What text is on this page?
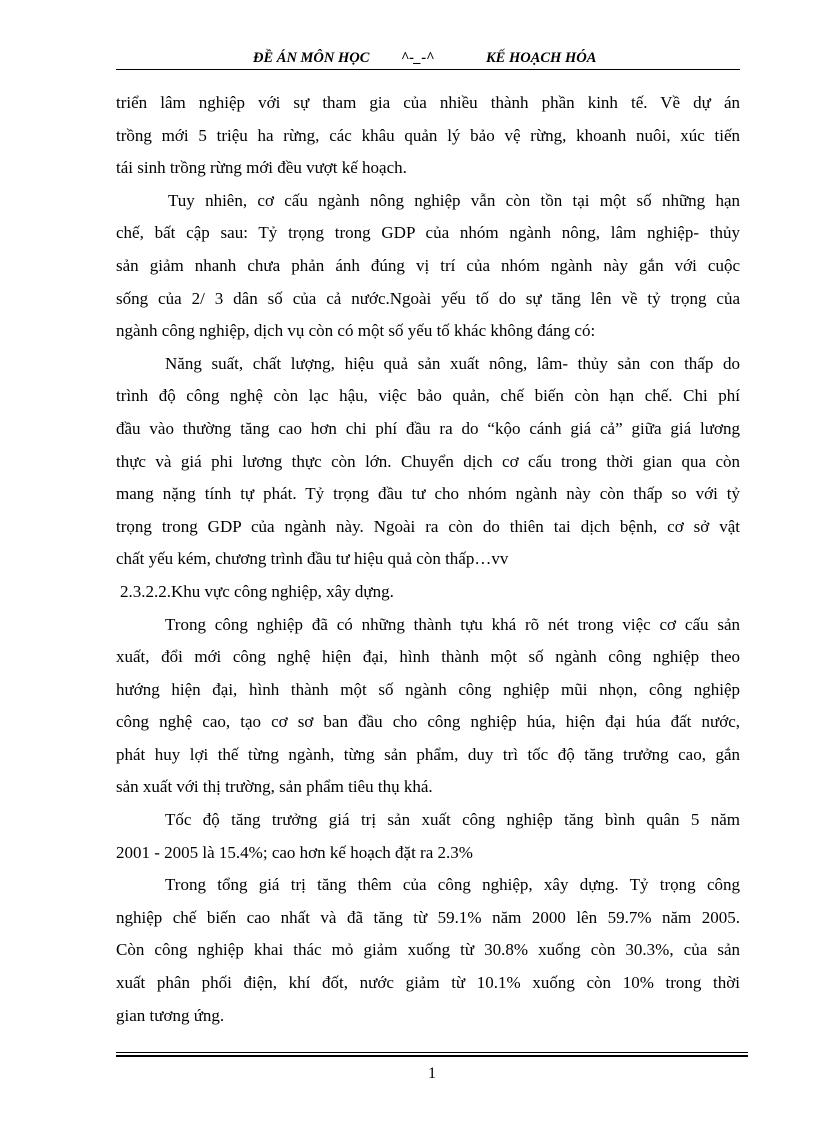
ĐỀ ÁN MÔN HỌC ^-_-^	KẾ HOẠCH HÓA
triển lâm nghiệp với sự tham gia của nhiều thành phần kinh tế. Về dự án
trồng mới 5 triệu ha rừng, các khâu quản lý bảo vệ rừng, khoanh nuôi, xúc tiến
tái sinh trồng rừng mới đều vượt kế hoạch.
Tuy nhiên, cơ cấu ngành nông nghiệp vẫn còn tồn tại một số những hạn
chế, bất cập sau: Tỷ trọng trong GDP của nhóm ngành nông, lâm nghiệp- thủy
sản giảm nhanh chưa phản ánh đúng vị trí của nhóm ngành này gắn với cuộc
sống của 2/ 3 dân số của cả nước.Ngoài yếu tố do sự tăng lên về tỷ trọng của
ngành công nghiệp, dịch vụ còn có một số yếu tố khác không đáng có:
Năng suất, chất lượng, hiệu quả sản xuất nông, lâm- thủy sản con thấp do
trình độ công nghệ còn lạc hậu, việc bảo quản, chế biến còn hạn chế. Chi phí
đầu vào thường tăng cao hơn chi phí đầu ra do “kộo cánh giá cả” giữa giá lương
thực và giá phi lương thực còn lớn. Chuyển dịch cơ cấu trong thời gian qua còn
mang nặng tính tự phát. Tỷ trọng đầu tư cho nhóm ngành này còn thấp so với tỷ
trọng trong GDP của ngành này. Ngoài ra còn do thiên tai dịch bệnh, cơ sở vật
chất yếu kém, chương trình đầu tư hiệu quả còn thấp…vv
2.3.2.2.Khu vực công nghiệp, xây dựng.
Trong công nghiệp đã có những thành tựu khá rõ nét trong việc cơ cấu sản
xuất, đổi mới công nghệ hiện đại, hình thành một số ngành công nghiệp theo
hướng hiện đại, hình thành một số ngành công nghiệp mũi nhọn, công nghiệp
công nghệ cao, tạo cơ sơ ban đầu cho công nghiệp húa, hiện đại húa đất nước,
phát huy lợi thế từng ngành, từng sản phẩm, duy trì tốc độ tăng trưởng cao, gắn
sản xuất với thị trường, sản phẩm tiêu thụ khá.
Tốc độ tăng trưởng giá trị sản xuất công nghiệp tăng bình quân 5 năm
2001 - 2005 là 15.4%; cao hơn kế hoạch đặt ra 2.3%
Trong tổng giá trị tăng thêm của công nghiệp, xây dựng. Tỷ trọng công
nghiệp chế biến cao nhất và đã tăng từ 59.1% năm 2000 lên 59.7% năm 2005.
Còn công nghiệp khai thác mỏ giảm xuống từ 30.8% xuống còn 30.3%, của sản
xuất phân phối điện, khí đốt, nước giảm từ 10.1% xuống còn 10% trong thời
gian tương ứng.
1
